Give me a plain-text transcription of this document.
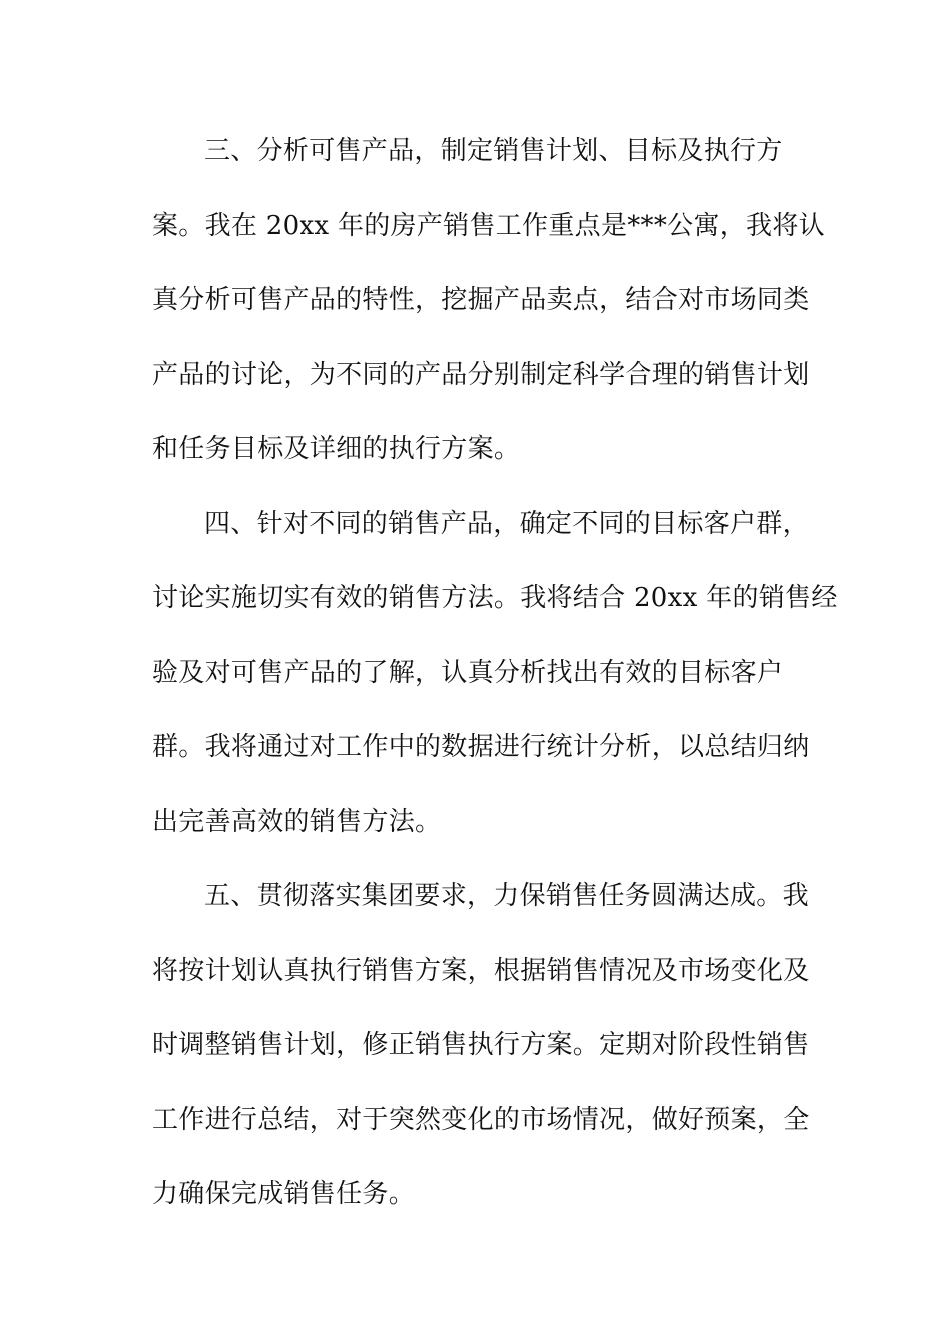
三、分析可售产品，制定销售计划、目标及执行方
案。我在 20xx 年的房产销售工作重点是***公寓，我将认
真分析可售产品的特性，挖掘产品卖点，结合对市场同类
产品的讨论，为不同的产品分别制定科学合理的销售计划
和任务目标及详细的执行方案。
四、针对不同的销售产品，确定不同的目标客户群，
讨论实施切实有效的销售方法。我将结合 20xx 年的销售经
验及对可售产品的了解，认真分析找出有效的目标客户
群。我将通过对工作中的数据进行统计分析，以总结归纳
出完善高效的销售方法。
五、贯彻落实集团要求，力保销售任务圆满达成。我
将按计划认真执行销售方案，根据销售情况及市场变化及
时调整销售计划，修正销售执行方案。定期对阶段性销售
工作进行总结，对于突然变化的市场情况，做好预案，全
力确保完成销售任务。
